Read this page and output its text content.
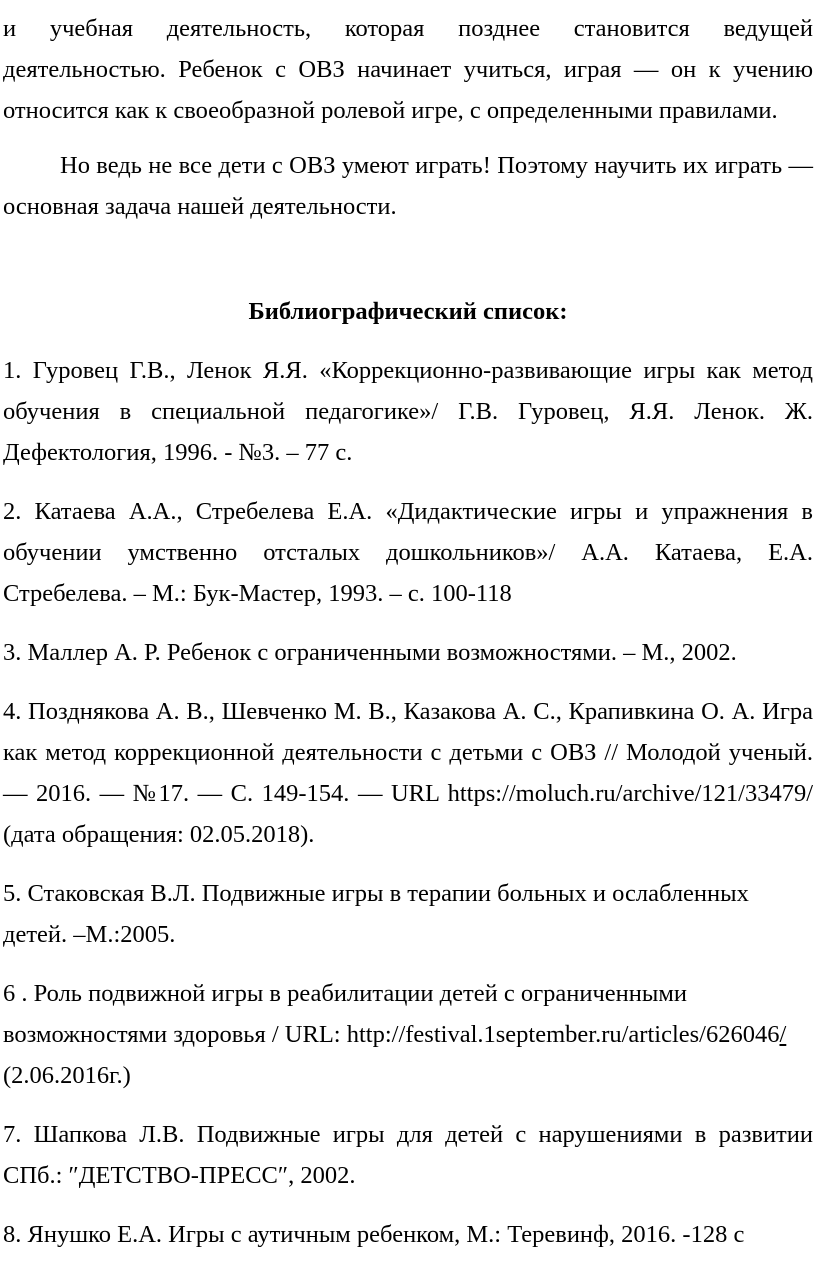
и учебная деятельность, которая позднее становится ведущей деятельностью. Ребенок с ОВЗ начинает учиться, играя — он к учению относится как к своеобразной ролевой игре, с определенными правилами.

Но ведь не все дети с ОВЗ умеют играть! Поэтому научить их играть — основная задача нашей деятельности.

Библиографический список:

1. Гуровец Г.В., Ленок Я.Я. «Коррекционно-развивающие игры как метод обучения в специальной педагогике»/ Г.В. Гуровец, Я.Я. Ленок. Ж. Дефектология, 1996. - №3. – 77 с.

2. Катаева А.А., Стребелева Е.А. «Дидактические игры и упражнения в обучении умственно отсталых дошкольников»/ А.А. Катаева, Е.А. Стребелева. – М.: Бук-Мастер, 1993. – с. 100-118

3. Маллер А. Р. Ребенок с ограниченными возможностями. – М., 2002.

4. Позднякова А. В., Шевченко М. В., Казакова А. С., Крапивкина О. А. Игра как метод коррекционной деятельности с детьми с ОВЗ // Молодой ученый. — 2016. — №17. — С. 149-154. — URL https://moluch.ru/archive/121/33479/ (дата обращения: 02.05.2018).

5. Стаковская В.Л. Подвижные игры в терапии больных и ослабленных детей. –М.:2005.

6 . Роль подвижной игры в реабилитации детей с ограниченными возможностями здоровья / URL: http://festival.1september.ru/articles/626046/ (2.06.2016г.)

7. Шапкова Л.В. Подвижные игры для детей с нарушениями в развитии СПб.: ″ДЕТСТВО-ПРЕСС″, 2002.

8. Янушко Е.А. Игры с аутичным ребенком, М.: Теревинф, 2016. -128 с
